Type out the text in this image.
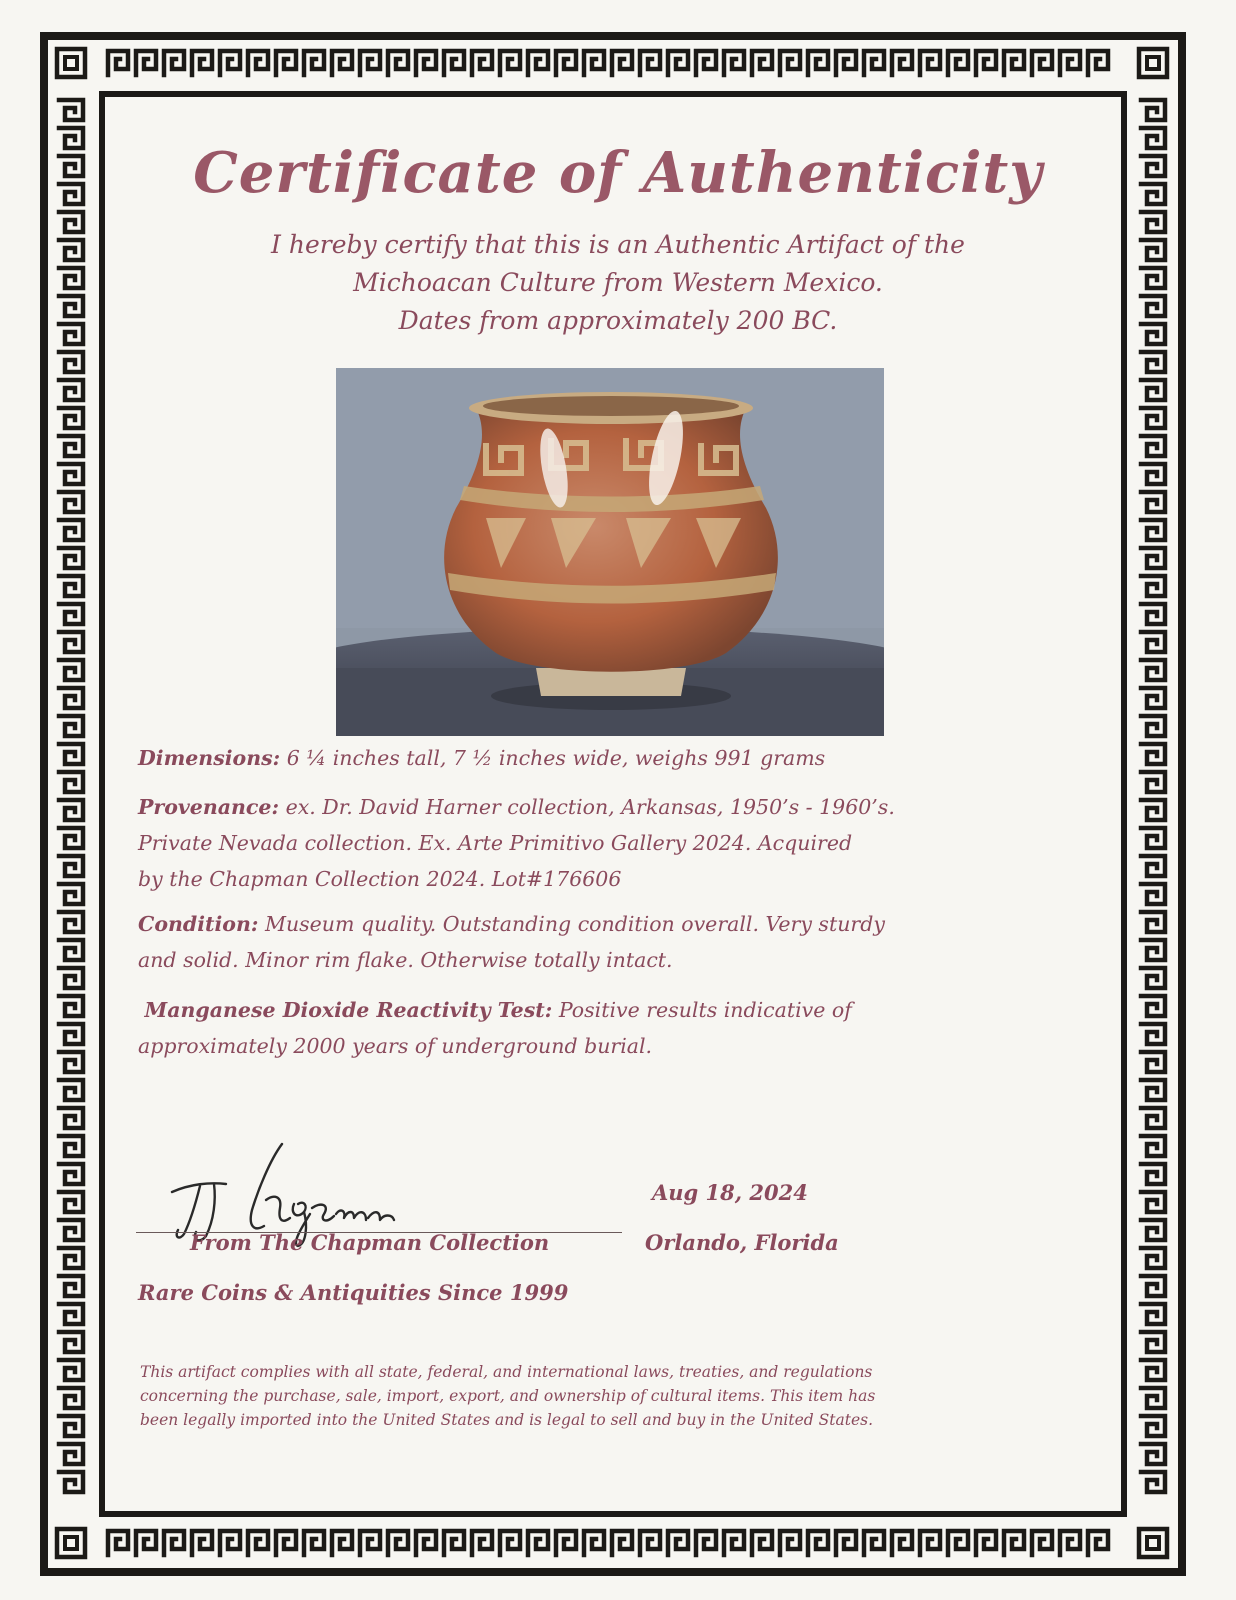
Certificate of Authenticity
I hereby certify that this is an Authentic Artifact of the
Michoacan Culture from Western Mexico.
Dates from approximately 200 BC.
Dimensions: 6 ¼ inches tall, 7 ½ inches wide, weighs 991 grams
Provenance: ex. Dr. David Harner collection, Arkansas, 1950’s - 1960’s.
Private Nevada collection. Ex. Arte Primitivo Gallery 2024. Acquired
by the Chapman Collection 2024. Lot#176606
Condition: Museum quality. Outstanding condition overall. Very sturdy
and solid. Minor rim flake. Otherwise totally intact.
Manganese Dioxide Reactivity Test: Positive results indicative of
approximately 2000 years of underground burial.
From The Chapman Collection
Aug 18, 2024
Orlando, Florida
Rare Coins & Antiquities Since 1999
This artifact complies with all state, federal, and international laws, treaties, and regulations
concerning the purchase, sale, import, export, and ownership of cultural items. This item has
been legally imported into the United States and is legal to sell and buy in the United States.
